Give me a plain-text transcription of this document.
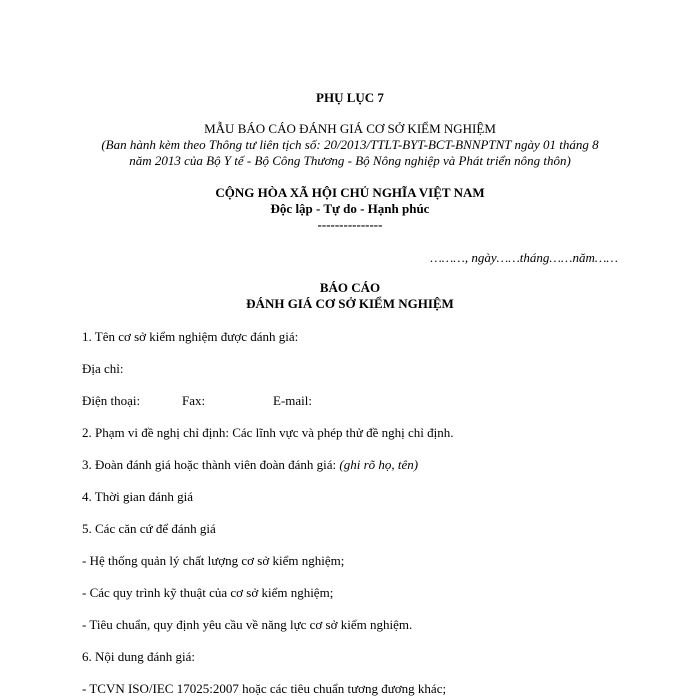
PHỤ LỤC 7
MẪU BÁO CÁO ĐÁNH GIÁ CƠ SỞ KIỂM NGHIỆM
(Ban hành kèm theo Thông tư liên tịch số: 20/2013/TTLT-BYT-BCT-BNNPTNT ngày 01 tháng 8
năm 2013 của Bộ Y tế - Bộ Công Thương - Bộ Nông nghiệp và Phát triển nông thôn)
CỘNG HÒA XÃ HỘI CHỦ NGHĨA VIỆT NAM
Độc lập - Tự do - Hạnh phúc
---------------
………, ngày……tháng……năm……
BÁO CÁO
ĐÁNH GIÁ CƠ SỞ KIỂM NGHIỆM
1. Tên cơ sở kiểm nghiệm được đánh giá:
Địa chỉ:
Điện thoại:	Fax:	E-mail:
2. Phạm vi đề nghị chỉ định: Các lĩnh vực và phép thử đề nghị chỉ định.
3. Đoàn đánh giá hoặc thành viên đoàn đánh giá: (ghi rõ họ, tên)
4. Thời gian đánh giá
5. Các căn cứ để đánh giá
- Hệ thống quản lý chất lượng cơ sở kiểm nghiệm;
- Các quy trình kỹ thuật của cơ sở kiểm nghiệm;
- Tiêu chuẩn, quy định yêu cầu về năng lực cơ sở kiểm nghiệm.
6. Nội dung đánh giá:
- TCVN ISO/IEC 17025:2007 hoặc các tiêu chuẩn tương đương khác;
